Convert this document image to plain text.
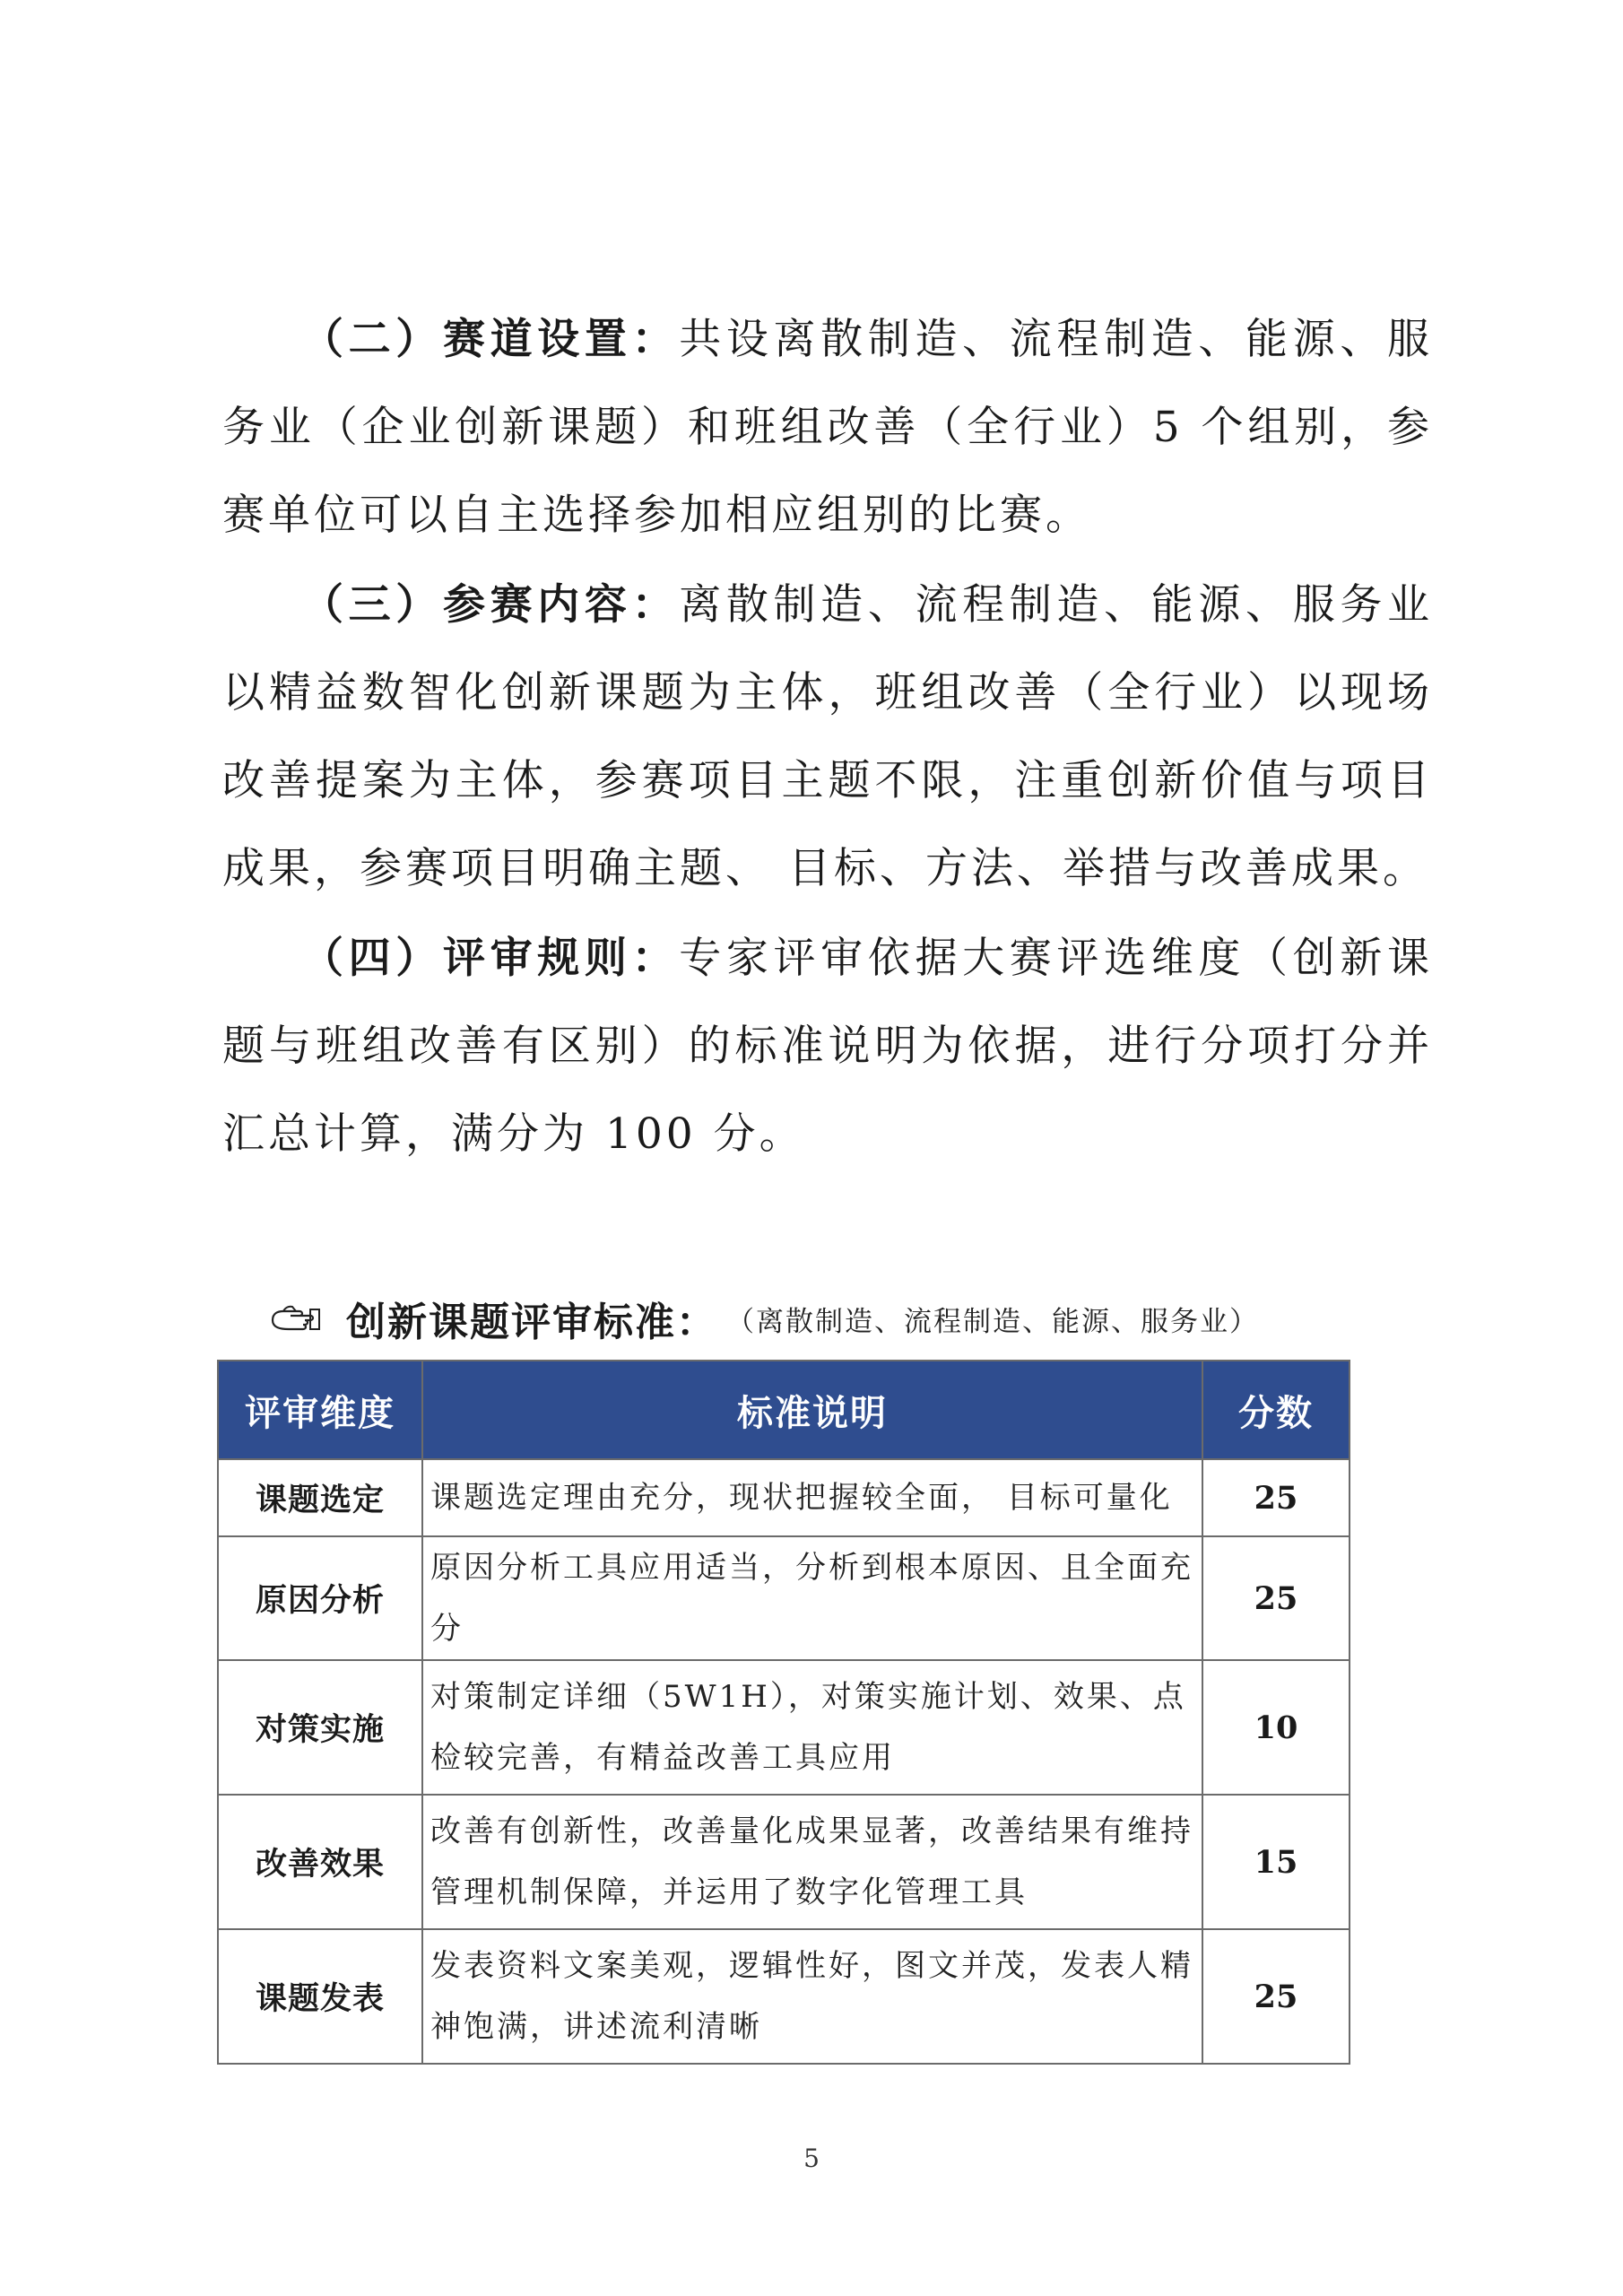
（二）赛道设置：共设离散制造、流程制造、能源、服务业（企业创新课题）和班组改善（全行业）5 个组别，参赛单位可以自主选择参加相应组别的比赛。

（三）参赛内容：离散制造、流程制造、能源、服务业以精益数智化创新课题为主体，班组改善（全行业）以现场改善提案为主体，参赛项目主题不限，注重创新价值与项目成果，参赛项目明确主题、 目标、方法、举措与改善成果。

（四）评审规则：专家评审依据大赛评选维度（创新课题与班组改善有区别）的标准说明为依据，进行分项打分并汇总计算，满分为 100 分。

创新课题评审标准： （离散制造、流程制造、能源、服务业）
评审维度	标准说明	分数
课题选定	课题选定理由充分，现状把握较全面， 目标可量化	25
原因分析	原因分析工具应用适当，分析到根本原因、且全面充分	25
对策实施	对策制定详细（5W1H），对策实施计划、效果、点检较完善，有精益改善工具应用	10
改善效果	改善有创新性，改善量化成果显著，改善结果有维持管理机制保障，并运用了数字化管理工具	15
课题发表	发表资料文案美观，逻辑性好，图文并茂，发表人精神饱满，讲述流利清晰	25
5
